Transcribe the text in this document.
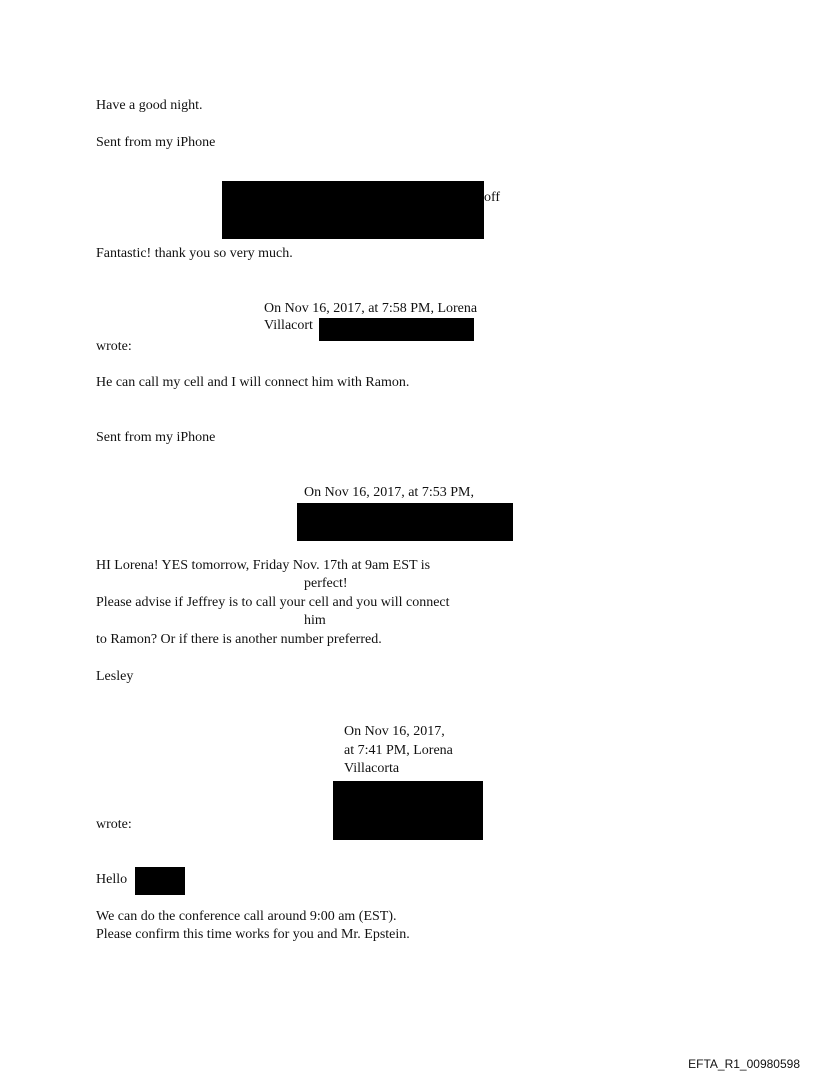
Have a good night.
Sent from my iPhone
off
Fantastic! thank you so very much.
On Nov 16, 2017, at 7:58 PM, Lorena
Villacort
wrote:
He can call my cell and I will connect him with Ramon.
Sent from my iPhone
On Nov 16, 2017, at 7:53 PM,
HI Lorena! YES tomorrow, Friday Nov. 17th at 9am EST is
perfect!
Please advise if Jeffrey is to call your cell and you will connect
him
to Ramon? Or if there is another number preferred.
Lesley
On Nov 16, 2017,
at 7:41 PM, Lorena
Villacorta
wrote:
Hello
We can do the conference call around 9:00 am (EST).
Please confirm this time works for you and Mr. Epstein.
EFTA_R1_00980598
